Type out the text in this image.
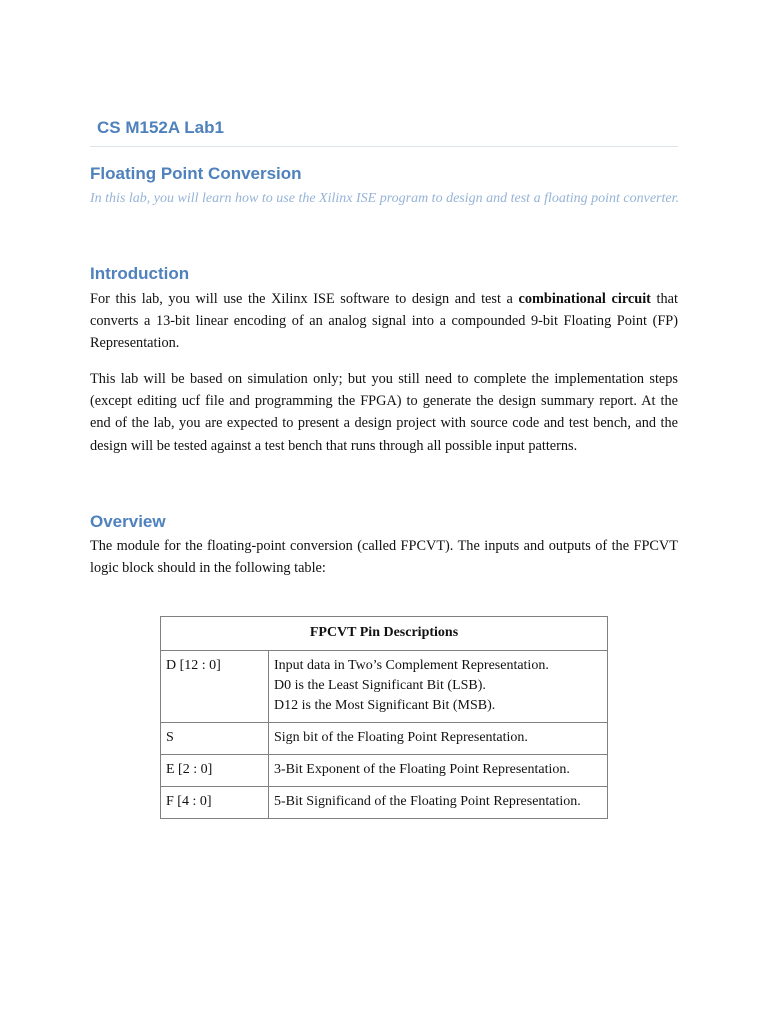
CS M152A Lab1
Floating Point Conversion

In this lab, you will learn how to use the Xilinx ISE program to design and test a floating point converter.

Introduction

For this lab, you will use the Xilinx ISE software to design and test a combinational circuit that converts a 13-bit linear encoding of an analog signal into a compounded 9-bit Floating Point (FP) Representation.

This lab will be based on simulation only; but you still need to complete the implementation steps (except editing ucf file and programming the FPGA) to generate the design summary report. At the end of the lab, you are expected to present a design project with source code and test bench, and the design will be tested against a test bench that runs through all possible input patterns.

Overview

The module for the floating-point conversion (called FPCVT). The inputs and outputs of the FPCVT logic block should in the following table:

FPCVT Pin Descriptions	
D [12 : 0]	Input data in Two’s Complement Representation.
D0 is the Least Significant Bit (LSB).
D12 is the Most Significant Bit (MSB).

S	Sign bit of the Floating Point Representation.

E [2 : 0]	3-Bit Exponent of the Floating Point Representation.

F [4 : 0]	5-Bit Significand of the Floating Point Representation.
